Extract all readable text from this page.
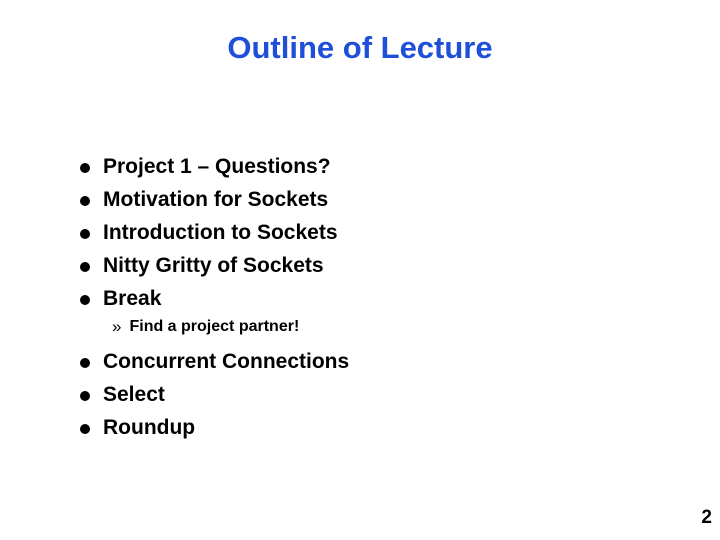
Outline of Lecture
Project 1 – Questions?
Motivation for Sockets
Introduction to Sockets
Nitty Gritty of Sockets
Break
» Find a project partner!
Concurrent Connections
Select
Roundup
2
